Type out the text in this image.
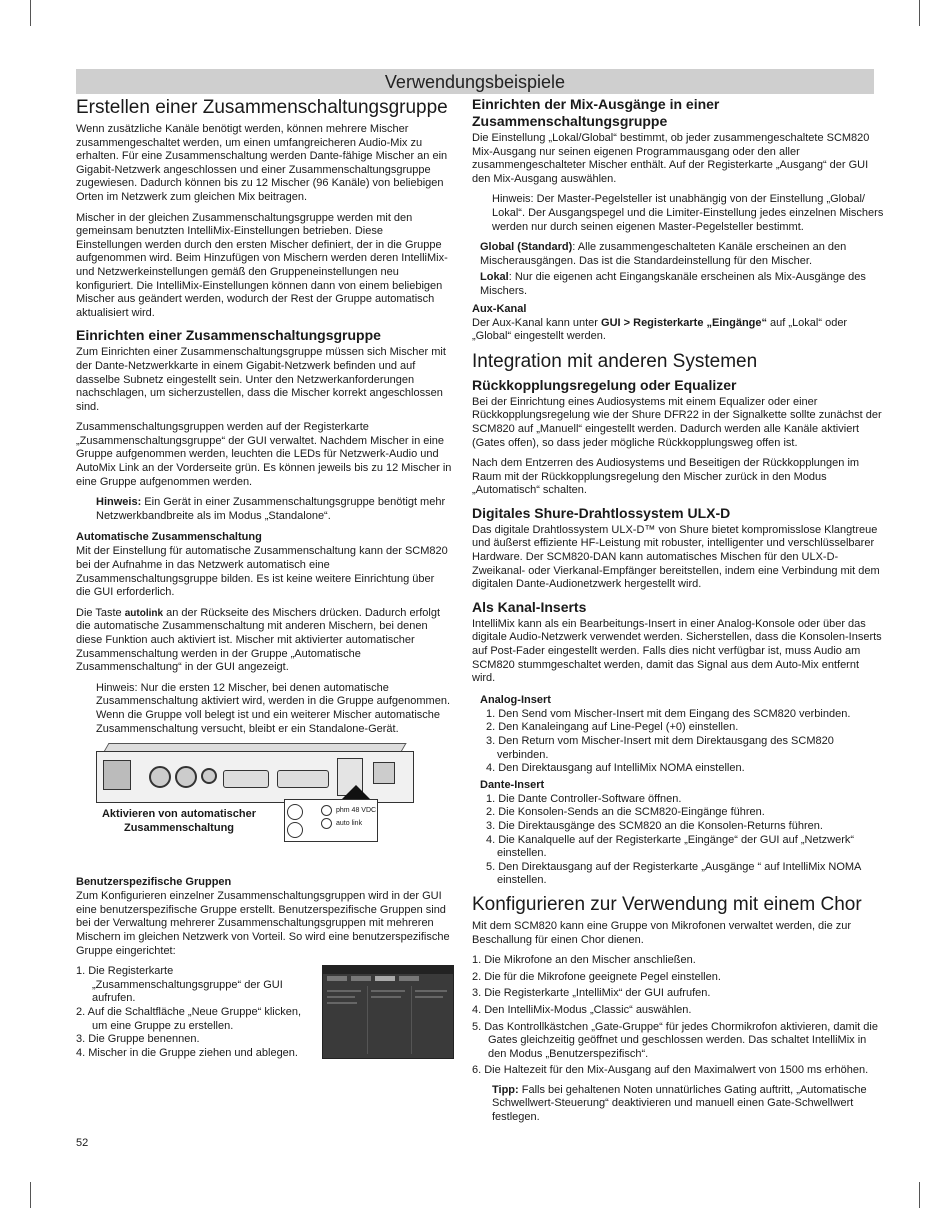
Verwendungsbeispiele
Erstellen einer Zusammenschaltungsgruppe

Wenn zusätzliche Kanäle benötigt werden, können mehrere Mischer zusammengeschaltet werden, um einen umfangreicheren Audio-Mix zu erhalten. Für eine Zusammenschaltung werden Dante-fähige Mischer an ein Gigabit-Netzwerk angeschlossen und einer Zusammenschaltungsgruppe zugewiesen. Dadurch können bis zu 12 Mischer (96 Kanäle) von beliebigen Orten im Netzwerk zum gleichen Mix beitragen.

Mischer in der gleichen Zusammenschaltungsgruppe werden mit den gemeinsam benutzten IntelliMix-Einstellungen betrieben. Diese Einstellungen werden durch den ersten Mischer definiert, der in die Gruppe aufgenommen wird. Beim Hinzufügen von Mischern werden deren IntelliMix- und Netzwerkeinstellungen gemäß den Gruppeneinstellungen neu konfiguriert. Die IntelliMix-Einstellungen können dann von einem beliebigen Mischer aus geändert werden, wodurch der Rest der Gruppe automatisch aktualisiert wird.

Einrichten einer Zusammenschaltungsgruppe

Zum Einrichten einer Zusammenschaltungsgruppe müssen sich Mischer mit der Dante-Netzwerkkarte in einem Gigabit-Netzwerk befinden und auf dasselbe Subnetz eingestellt sein. Unter den Netzwerkanforderungen nachschlagen, um sicherzustellen, dass die Mischer korrekt angeschlossen sind.

Zusammenschaltungsgruppen werden auf der Registerkarte „Zusammenschaltungsgruppe“ der GUI verwaltet. Nachdem Mischer in eine Gruppe aufgenommen werden, leuchten die LEDs für Netzwerk-Audio und AutoMix Link an der Vorderseite grün. Es können jeweils bis zu 12 Mischer in eine Gruppe aufgenommen werden.

Hinweis: Ein Gerät in einer Zusammenschaltungsgruppe benötigt mehr Netzwerkbandbreite als im Modus „Standalone“.

Automatische Zusammenschaltung

Mit der Einstellung für automatische Zusammenschaltung kann der SCM820 bei der Aufnahme in das Netzwerk automatisch eine Zusammenschaltungsgruppe bilden. Es ist keine weitere Einrichtung über die GUI erforderlich.

Die Taste autolink an der Rückseite des Mischers drücken. Dadurch erfolgt die automatische Zusammenschaltung mit anderen Mischern, bei denen diese Funktion auch aktiviert ist. Mischer mit aktivierter automatischer Zusammenschaltung werden in der Gruppe „Automatische Zusammenschaltung“ in der GUI angezeigt.

Hinweis: Nur die ersten 12 Mischer, bei denen automatische Zusammenschaltung aktiviert wird, werden in die Gruppe aufgenommen. Wenn die Gruppe voll belegt ist und ein weiterer Mischer automatische Zusammenschaltung versucht, bleibt er ein Standalone-Gerät.

phm 48 VDC
auto link
Aktivieren von automatischer Zusammenschaltung
Benutzerspezifische Gruppen

Zum Konfigurieren einzelner Zusammenschaltungsgruppen wird in der GUI eine benutzerspezifische Gruppe erstellt. Benutzerspezifische Gruppen sind bei der Verwaltung mehrerer Zusammenschaltungsgruppen mit mehreren Mischern im gleichen Netzwerk von Vorteil. So wird eine benutzerspezifische Gruppe eingerichtet:

1. Die Registerkarte „Zusammenschaltungsgruppe“ der GUI aufrufen.
2. Auf die Schaltfläche „Neue Gruppe“ klicken, um eine Gruppe zu erstellen.
3. Die Gruppe benennen.
4. Mischer in die Gruppe ziehen und ablegen.
Einrichten der Mix-Ausgänge in einer Zusammenschaltungsgruppe

Die Einstellung „Lokal/Global“ bestimmt, ob jeder zusammengeschaltete SCM820 Mix-Ausgang nur seinen eigenen Programmausgang oder den aller zusammengeschalteter Mischer enthält. Auf der Registerkarte „Ausgang“ der GUI den Mix-Ausgang auswählen.

Hinweis: Der Master-Pegelsteller ist unabhängig von der Einstellung „Global/ Lokal“. Der Ausgangspegel und die Limiter-Einstellung jedes einzelnen Mischers werden nur durch seinen eigenen Master-Pegelsteller bestimmt.

Global (Standard): Alle zusammengeschalteten Kanäle erscheinen an den Mischerausgängen. Das ist die Standardeinstellung für den Mischer.

Lokal: Nur die eigenen acht Eingangskanäle erscheinen als Mix-Ausgänge des Mischers.

Aux-Kanal

Der Aux-Kanal kann unter GUI > Registerkarte „Eingänge“ auf „Lokal“ oder „Global“ eingestellt werden.

Integration mit anderen Systemen
Rückkopplungsregelung oder Equalizer

Bei der Einrichtung eines Audiosystems mit einem Equalizer oder einer Rückkopplungsregelung wie der Shure DFR22 in der Signalkette sollte zunächst der SCM820 auf „Manuell“ eingestellt werden. Dadurch werden alle Kanäle aktiviert (Gates offen), so dass jeder mögliche Rückkopplungsweg offen ist.

Nach dem Entzerren des Audiosystems und Beseitigen der Rückkopplungen im Raum mit der Rückkopplungsregelung den Mischer zurück in den Modus „Automatisch“ schalten.

Digitales Shure-Drahtlossystem ULX-D

Das digitale Drahtlossystem ULX-D™ von Shure bietet kompromisslose Klangtreue und äußerst effiziente HF-Leistung mit robuster, intelligenter und verschlüsselbarer Hardware. Der SCM820-DAN kann automatisches Mischen für den ULX-D-Zweikanal- oder Vierkanal-Empfänger bereitstellen, indem eine Verbindung mit dem digitalen Dante-Audionetzwerk hergestellt wird.

Als Kanal-Inserts

IntelliMix kann als ein Bearbeitungs-Insert in einer Analog-Konsole oder über das digitale Audio-Netzwerk verwendet werden. Sicherstellen, dass die Konsolen-Inserts auf Post-Fader eingestellt werden. Falls dies nicht verfügbar ist, muss Audio am SCM820 stummgeschaltet werden, damit das Signal aus dem Auto-Mix entfernt wird.

Analog-Insert
1. Den Send vom Mischer-Insert mit dem Eingang des SCM820 verbinden.
2. Den Kanaleingang auf Line-Pegel (+0) einstellen.
3. Den Return vom Mischer-Insert mit dem Direktausgang des SCM820 verbinden.
4. Den Direktausgang auf IntelliMix NOMA einstellen.
Dante-Insert
1. Die Dante Controller-Software öffnen.
2. Die Konsolen-Sends an die SCM820-Eingänge führen.
3. Die Direktausgänge des SCM820 an die Konsolen-Returns führen.
4. Die Kanalquelle auf der Registerkarte „Eingänge“ der GUI auf „Netzwerk“ einstellen.
5. Den Direktausgang auf der Registerkarte „Ausgänge “ auf IntelliMix NOMA einstellen.
Konfigurieren zur Verwendung mit einem Chor

Mit dem SCM820 kann eine Gruppe von Mikrofonen verwaltet werden, die zur Beschallung für einen Chor dienen.

1. Die Mikrofone an den Mischer anschließen.
2. Die für die Mikrofone geeignete Pegel einstellen.
3. Die Registerkarte „IntelliMix“ der GUI aufrufen.
4. Den IntelliMix-Modus „Classic“ auswählen.
5. Das Kontrollkästchen „Gate-Gruppe“ für jedes Chormikrofon aktivieren, damit die Gates gleichzeitig geöffnet und geschlossen werden. Das schaltet IntelliMix in den Modus „Benutzerspezifisch“.
6. Die Haltezeit für den Mix-Ausgang auf den Maximalwert von 1500 ms erhöhen.

Tipp: Falls bei gehaltenen Noten unnatürliches Gating auftritt, „Automatische Schwellwert-Steuerung“ deaktivieren und manuell einen Gate-Schwellwert festlegen.

52
